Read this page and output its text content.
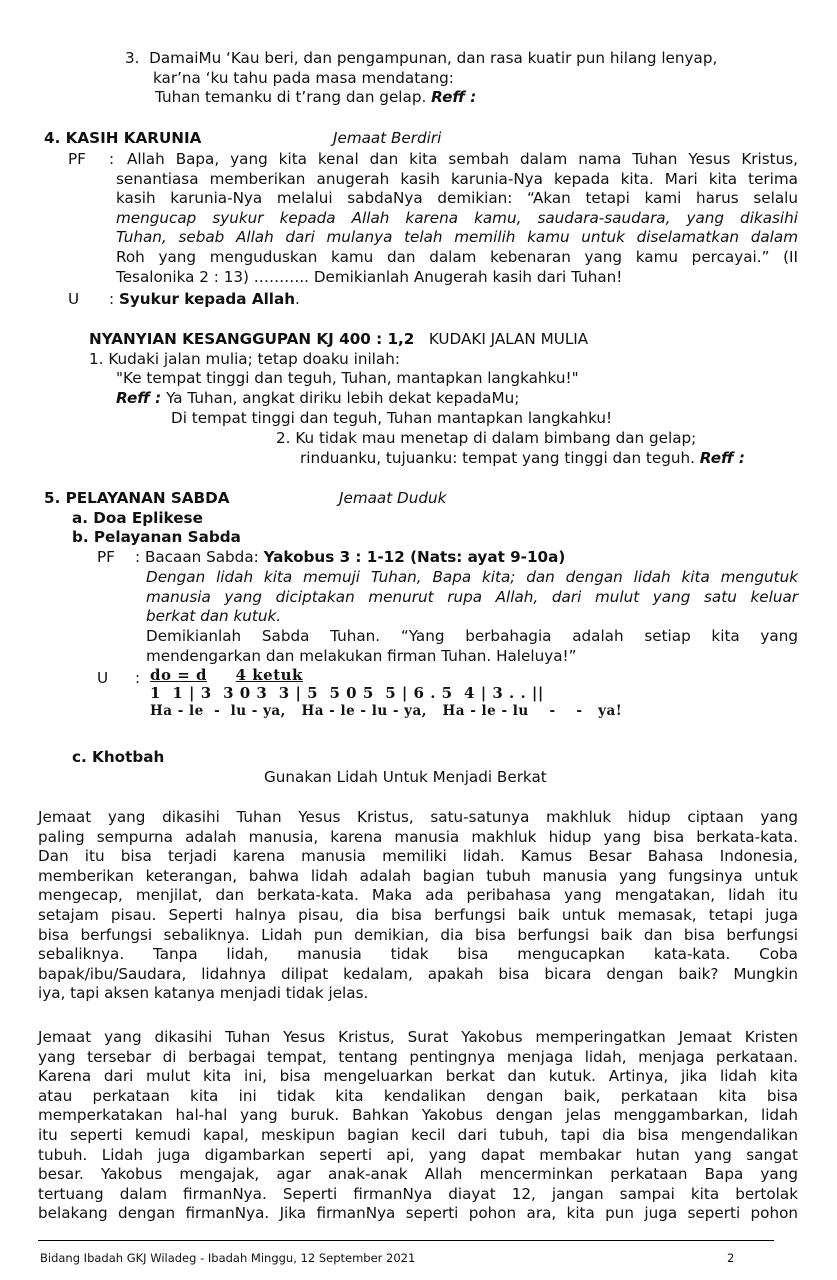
3. DamaiMu ‘Kau beri, dan pengampunan, dan rasa kuatir pun hilang lenyap,
kar’na ‘ku tahu pada masa mendatang:
Tuhan temanku di t’rang dan gelap. Reff :
4. KASIH KARUNIA	Jemaat Berdiri
PF : Allah Bapa, yang kita kenal dan kita sembah dalam nama Tuhan Yesus Kristus,
senantiasa memberikan anugerah kasih karunia-Nya kepada kita. Mari kita terima
kasih karunia-Nya melalui sabdaNya demikian: “Akan tetapi kami harus selalu
mengucap syukur kepada Allah karena kamu, saudara-saudara, yang dikasihi
Tuhan, sebab Allah dari mulanya telah memilih kamu untuk diselamatkan dalam
Roh yang menguduskan kamu dan dalam kebenaran yang kamu percayai.” (II
Tesalonika 2 : 13) ……….. Demikianlah Anugerah kasih dari Tuhan!
U : Syukur kepada Allah.
NYANYIAN KESANGGUPAN KJ 400 : 1,2 KUDAKI JALAN MULIA
1. Kudaki jalan mulia; tetap doaku inilah:
"Ke tempat tinggi dan teguh, Tuhan, mantapkan langkahku!"
Reff : Ya Tuhan, angkat diriku lebih dekat kepadaMu;
Di tempat tinggi dan teguh, Tuhan mantapkan langkahku!
2. Ku tidak mau menetap di dalam bimbang dan gelap;
rinduanku, tujuanku: tempat yang tinggi dan teguh. Reff :
5. PELAYANAN SABDA	Jemaat Duduk
a. Doa Eplikese
b. Pelayanan Sabda
PF : Bacaan Sabda: Yakobus 3 : 1-12 (Nats: ayat 9-10a)
Dengan lidah kita memuji Tuhan, Bapa kita; dan dengan lidah kita mengutuk
manusia yang diciptakan menurut rupa Allah, dari mulut yang satu keluar
berkat dan kutuk.
Demikianlah Sabda Tuhan. “Yang berbahagia adalah setiap kita yang
mendengarkan dan melakukan firman Tuhan. Haleluya!”
U : do = d 4 ketuk
1  1 | 3  3 0 3  3 | 5  5 0 5  5 | 6 . 5  4 | 3 . . ||
Ha - le  -  lu - ya,   Ha - le - lu - ya,   Ha - le - lu    -    -   ya!
c. Khotbah
Gunakan Lidah Untuk Menjadi Berkat
Jemaat yang dikasihi Tuhan Yesus Kristus, satu-satunya makhluk hidup ciptaan yang
paling sempurna adalah manusia, karena manusia makhluk hidup yang bisa berkata-kata.
Dan itu bisa terjadi karena manusia memiliki lidah. Kamus Besar Bahasa Indonesia,
memberikan keterangan, bahwa lidah adalah bagian tubuh manusia yang fungsinya untuk
mengecap, menjilat, dan berkata-kata. Maka ada peribahasa yang mengatakan, lidah itu
setajam pisau. Seperti halnya pisau, dia bisa berfungsi baik untuk memasak, tetapi juga
bisa berfungsi sebaliknya. Lidah pun demikian, dia bisa berfungsi baik dan bisa berfungsi
sebaliknya. Tanpa lidah, manusia tidak bisa mengucapkan kata-kata. Coba
bapak/ibu/Saudara, lidahnya dilipat kedalam, apakah bisa bicara dengan baik? Mungkin
iya, tapi aksen katanya menjadi tidak jelas.
Jemaat yang dikasihi Tuhan Yesus Kristus, Surat Yakobus memperingatkan Jemaat Kristen
yang tersebar di berbagai tempat, tentang pentingnya menjaga lidah, menjaga perkataan.
Karena dari mulut kita ini, bisa mengeluarkan berkat dan kutuk. Artinya, jika lidah kita
atau perkataan kita ini tidak kita kendalikan dengan baik, perkataan kita bisa
memperkatakan hal-hal yang buruk. Bahkan Yakobus dengan jelas menggambarkan, lidah
itu seperti kemudi kapal, meskipun bagian kecil dari tubuh, tapi dia bisa mengendalikan
tubuh. Lidah juga digambarkan seperti api, yang dapat membakar hutan yang sangat
besar. Yakobus mengajak, agar anak-anak Allah mencerminkan perkataan Bapa yang
tertuang dalam firmanNya. Seperti firmanNya diayat 12, jangan sampai kita bertolak
belakang dengan firmanNya. Jika firmanNya seperti pohon ara, kita pun juga seperti pohon
Bidang Ibadah GKJ Wiladeg - Ibadah Minggu, 12 September 2021	2
